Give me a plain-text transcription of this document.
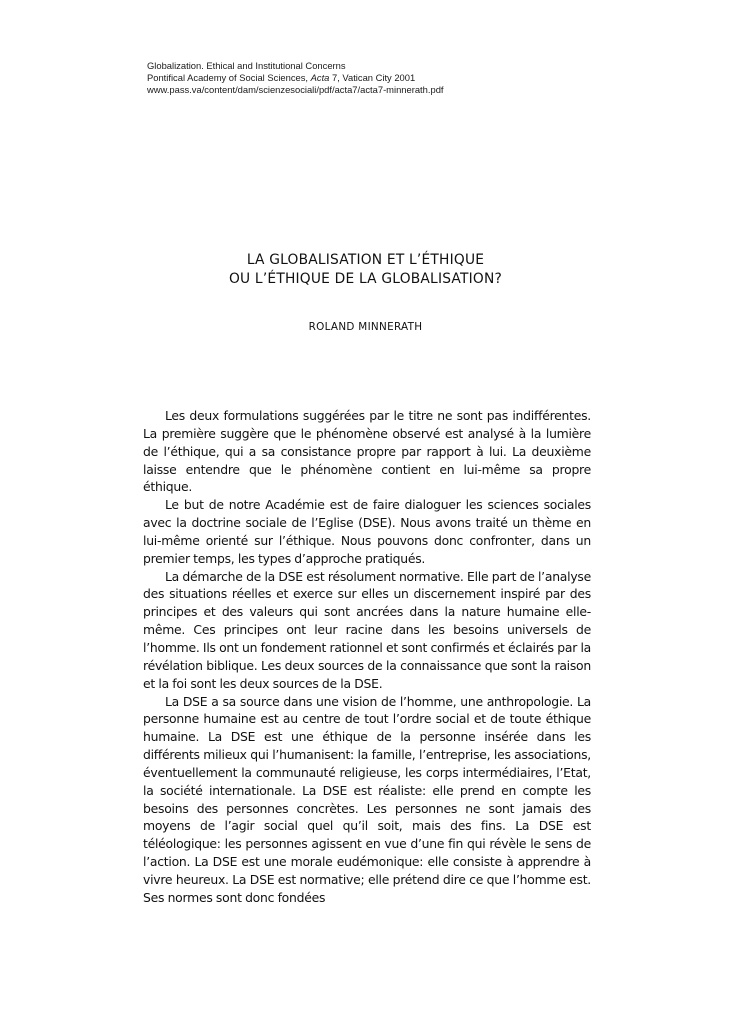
Globalization. Ethical and Institutional Concerns
Pontifical Academy of Social Sciences, Acta 7, Vatican City 2001
www.pass.va/content/dam/scienzesociali/pdf/acta7/acta7-minnerath.pdf
LA GLOBALISATION ET L’ÉTHIQUE
OU L’ÉTHIQUE DE LA GLOBALISATION?
ROLAND MINNERATH

Les deux formulations suggérées par le titre ne sont pas indifférentes. La première suggère que le phénomène observé est analysé à la lumière de l’éthique, qui a sa consistance propre par rapport à lui. La deuxième laisse entendre que le phénomène contient en lui-même sa propre éthique.

Le but de notre Académie est de faire dialoguer les sciences sociales avec la doctrine sociale de l’Eglise (DSE). Nous avons traité un thème en lui-même orienté sur l’éthique. Nous pouvons donc confronter, dans un premier temps, les types d’approche pratiqués.

La démarche de la DSE est résolument normative. Elle part de l’analyse des situations réelles et exerce sur elles un discernement inspiré par des principes et des valeurs qui sont ancrées dans la nature humaine elle-même. Ces principes ont leur racine dans les besoins universels de l’homme. Ils ont un fondement rationnel et sont confirmés et éclairés par la révélation biblique. Les deux sources de la connaissance que sont la raison et la foi sont les deux sources de la DSE.

La DSE a sa source dans une vision de l’homme, une anthropologie. La personne humaine est au centre de tout l’ordre social et de toute éthique humaine. La DSE est une éthique de la personne insérée dans les différents milieux qui l’humanisent: la famille, l’entreprise, les associations, éventuellement la communauté religieuse, les corps intermédiaires, l’Etat, la société internationale. La DSE est réaliste: elle prend en compte les besoins des personnes concrètes. Les personnes ne sont jamais des moyens de l’agir social quel qu’il soit, mais des fins. La DSE est téléologique: les personnes agissent en vue d’une fin qui révèle le sens de l’action. La DSE est une morale eudémonique: elle consiste à apprendre à vivre heureux. La DSE est normative; elle prétend dire ce que l’homme est. Ses normes sont donc fondées
